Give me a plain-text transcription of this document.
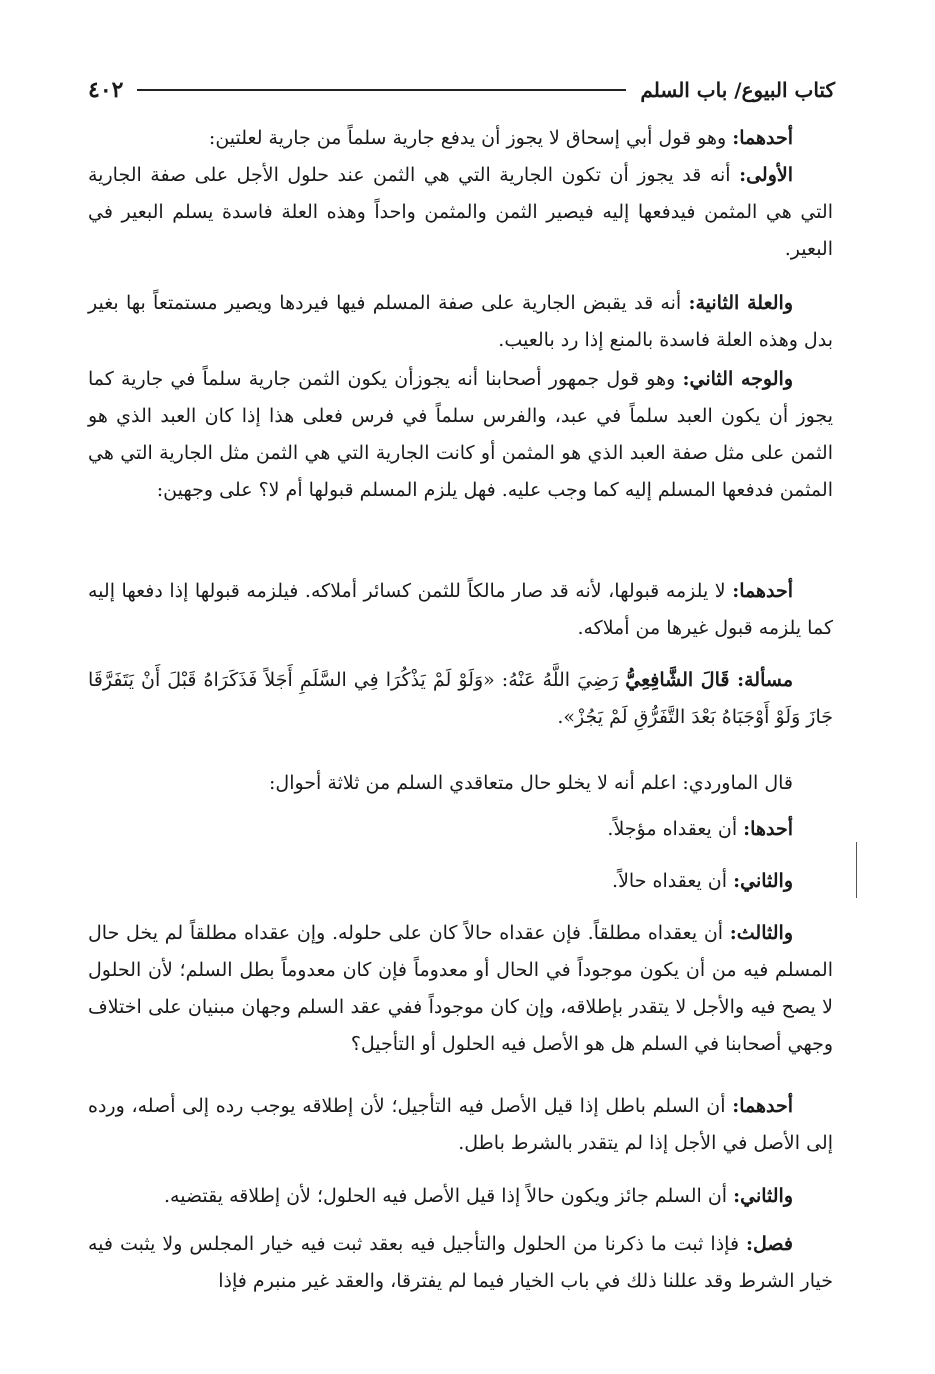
كتاب البيوع/ باب السلم
٤٠٢
أحدهما: وهو قول أبي إسحاق لا يجوز أن يدفع جارية سلماً من جارية لعلتين:
الأولى: أنه قد يجوز أن تكون الجارية التي هي الثمن عند حلول الأجل على صفة الجارية التي هي المثمن فيدفعها إليه فيصير الثمن والمثمن واحداً وهذه العلة فاسدة يسلم البعير في البعير.
والعلة الثانية: أنه قد يقبض الجارية على صفة المسلم فيها فيردها ويصير مستمتعاً بها بغير بدل وهذه العلة فاسدة بالمنع إذا رد بالعيب.
والوجه الثاني: وهو قول جمهور أصحابنا أنه يجوزأن يكون الثمن جارية سلماً في جارية كما يجوز أن يكون العبد سلماً في عبد، والفرس سلماً في فرس فعلى هذا إذا كان العبد الذي هو الثمن على مثل صفة العبد الذي هو المثمن أو كانت الجارية التي هي الثمن مثل الجارية التي هي المثمن فدفعها المسلم إليه كما وجب عليه. فهل يلزم المسلم قبولها أم لا؟ على وجهين:
أحدهما: لا يلزمه قبولها، لأنه قد صار مالكاً للثمن كسائر أملاكه. فيلزمه قبولها إذا دفعها إليه كما يلزمه قبول غيرها من أملاكه.
مسألة: قَالَ الشَّافِعِيُّ رَضِيَ اللَّهُ عَنْهُ: «وَلَوْ لَمْ يَذْكُرَا فِي السَّلَمِ أَجَلاً فَذَكَرَاهُ قَبْلَ أَنْ يَتَفَرَّقَا جَازَ وَلَوْ أَوْجَبَاهُ بَعْدَ التَّفَرُّقِ لَمْ يَجُزْ».
قال الماوردي: اعلم أنه لا يخلو حال متعاقدي السلم من ثلاثة أحوال:
أحدها: أن يعقداه مؤجلاً.
والثاني: أن يعقداه حالاً.
والثالث: أن يعقداه مطلقاً. فإن عقداه حالاً كان على حلوله. وإن عقداه مطلقاً لم يخل حال المسلم فيه من أن يكون موجوداً في الحال أو معدوماً فإن كان معدوماً بطل السلم؛ لأن الحلول لا يصح فيه والأجل لا يتقدر بإطلاقه، وإن كان موجوداً ففي عقد السلم وجهان مبنيان على اختلاف وجهي أصحابنا في السلم هل هو الأصل فيه الحلول أو التأجيل؟
أحدهما: أن السلم باطل إذا قيل الأصل فيه التأجيل؛ لأن إطلاقه يوجب رده إلى أصله، ورده إلى الأصل في الأجل إذا لم يتقدر بالشرط باطل.
والثاني: أن السلم جائز ويكون حالاً إذا قيل الأصل فيه الحلول؛ لأن إطلاقه يقتضيه.
فصل: فإذا ثبت ما ذكرنا من الحلول والتأجيل فيه بعقد ثبت فيه خيار المجلس ولا يثبت فيه خيار الشرط وقد عللنا ذلك في باب الخيار فيما لم يفترقا، والعقد غير منبرم فإذا
